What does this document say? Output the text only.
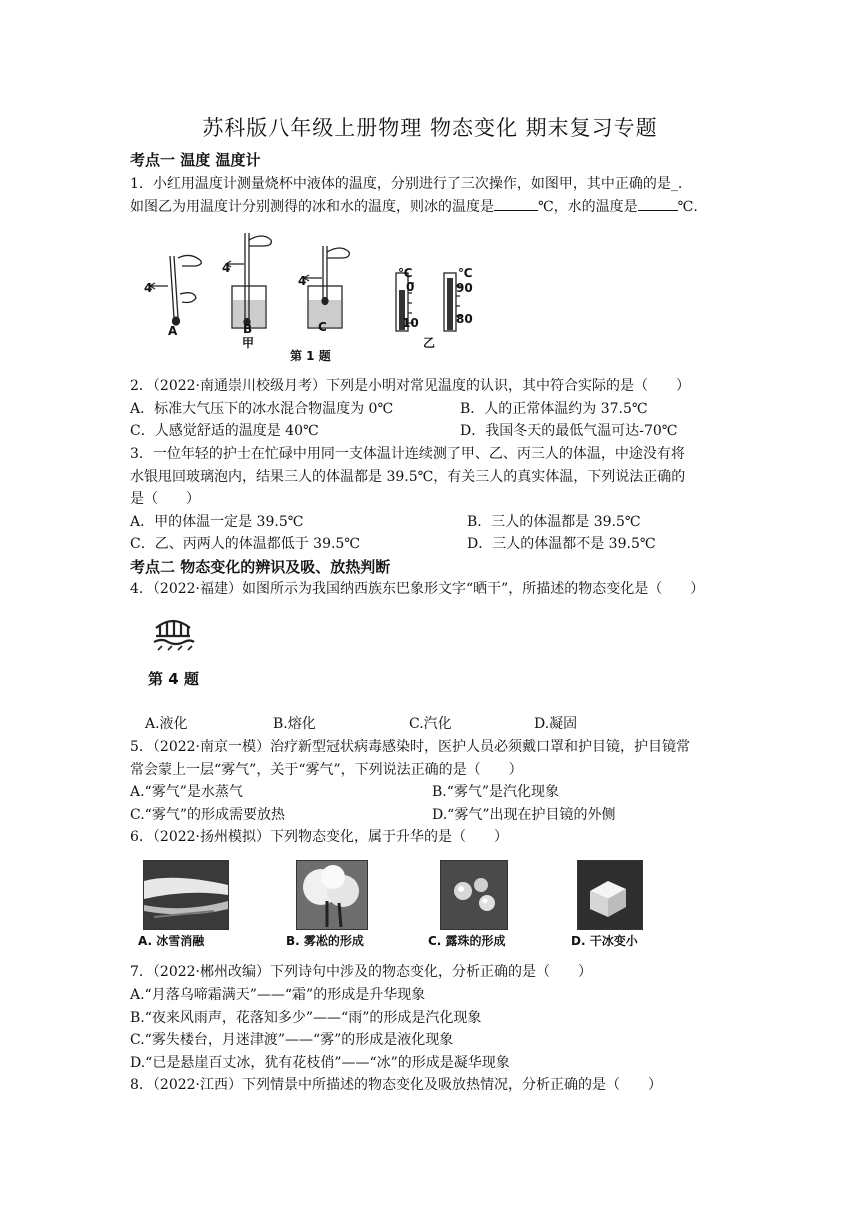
苏科版八年级上册物理 物态变化 期末复习专题
考点一 温度 温度计
1．小红用温度计测量烧杯中液体的温度，分别进行了三次操作，如图甲，其中正确的是_.
如图乙为用温度计分别测得的冰和水的温度，则冰的温度是	℃，水的温度是	℃.
4
4
4
A	B	C
甲	乙
℃
0
10
℃
90
80
第 1 题
2．（2022·南通崇川校级月考）下列是小明对常见温度的认识，其中符合实际的是（　　）
A．标准大气压下的冰水混合物温度为 0℃	B．人的正常体温约为 37.5℃
C．人感觉舒适的温度是 40℃	D．我国冬天的最低气温可达-70℃
3．一位年轻的护士在忙碌中用同一支体温计连续测了甲、乙、丙三人的体温，中途没有将
水银甩回玻璃泡内，结果三人的体温都是 39.5℃，有关三人的真实体温，下列说法正确的
是（　　）
A．甲的体温一定是 39.5℃	B．三人的体温都是 39.5℃
C．乙、丙两人的体温都低于 39.5℃	D．三人的体温都不是 39.5℃
考点二 物态变化的辨识及吸、放热判断
4．（2022·福建）如图所示为我国纳西族东巴象形文字“晒干”，所描述的物态变化是（　　）
第 4 题
A.液化	B.熔化	C.汽化	D.凝固
5．（2022·南京一模）治疗新型冠状病毒感染时，医护人员必须戴口罩和护目镜，护目镜常
常会蒙上一层“雾气”，关于“雾气”，下列说法正确的是（　　）
A.“雾气”是水蒸气	B.“雾气”是汽化现象
C.“雾气”的形成需要放热	D.“雾气”出现在护目镜的外侧
6．（2022·扬州模拟）下列物态变化，属于升华的是（　　）
A. 冰雪消融	B. 雾凇的形成	C. 露珠的形成	D. 干冰变小
7．（2022·郴州改编）下列诗句中涉及的物态变化，分析正确的是（　　）
A.“月落乌啼霜满天”——“霜”的形成是升华现象
B.“夜来风雨声，花落知多少”——“雨”的形成是汽化现象
C.“雾失楼台，月迷津渡”——“雾”的形成是液化现象
D.“已是悬崖百丈冰，犹有花枝俏”——“冰”的形成是凝华现象
8．（2022·江西）下列情景中所描述的物态变化及吸放热情况，分析正确的是（　　）
